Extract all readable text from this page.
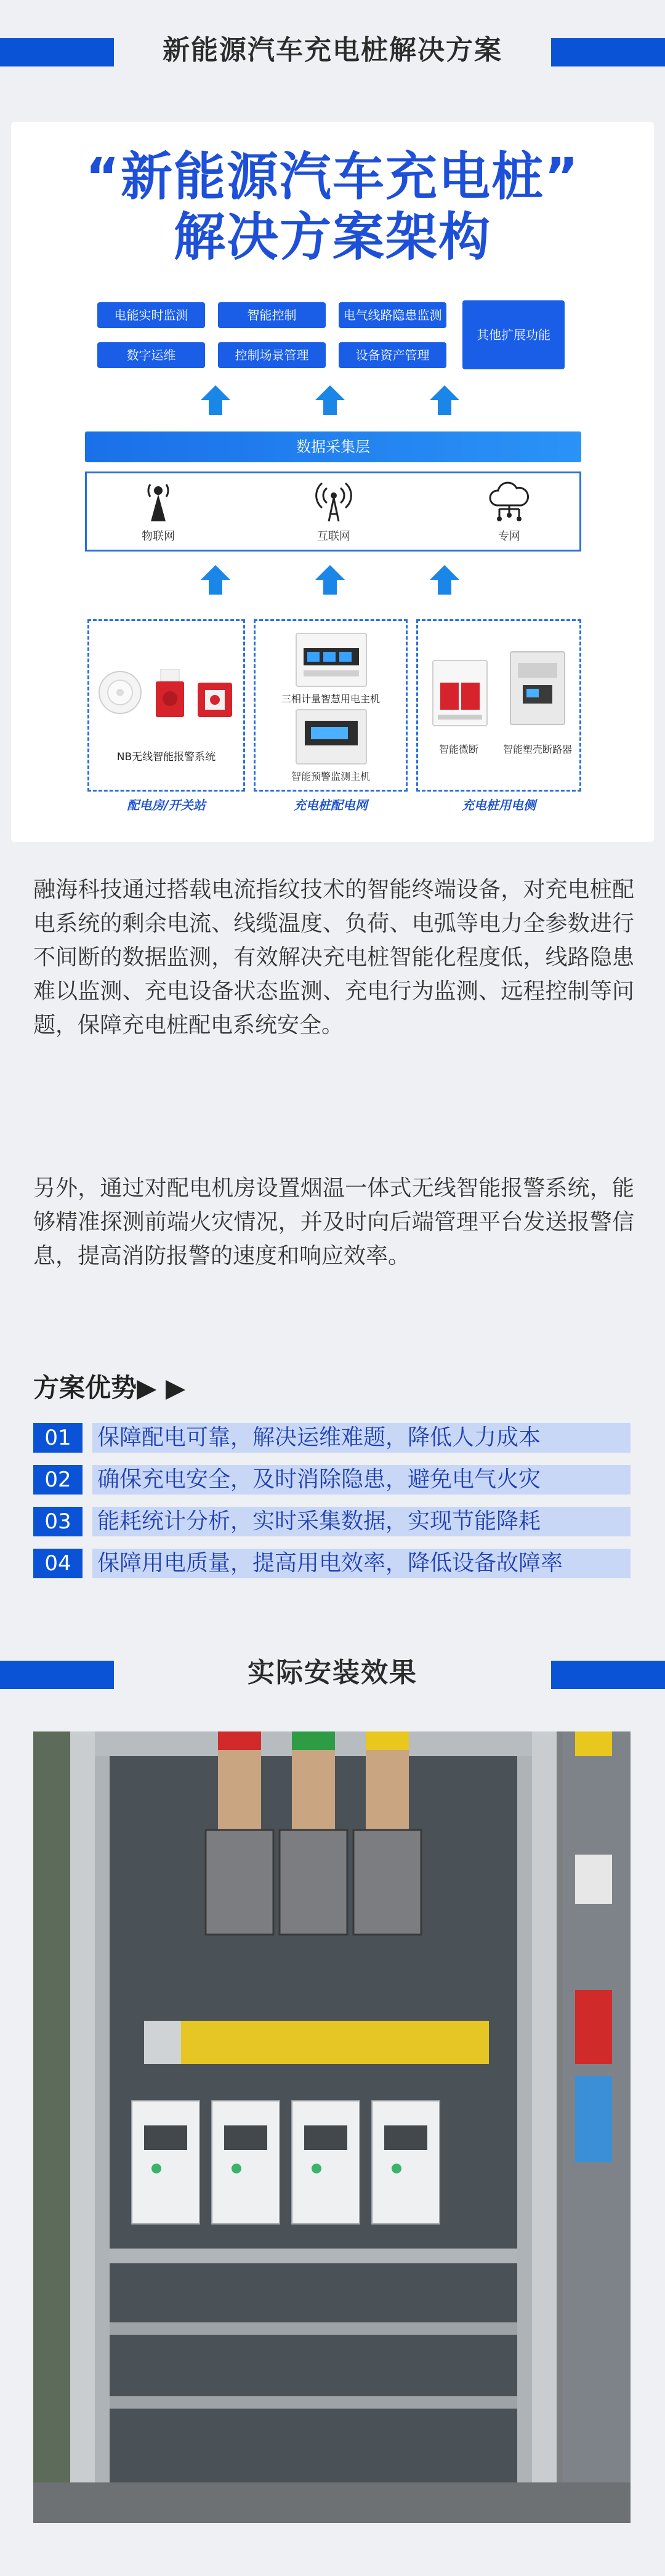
新能源汽车充电桩解决方案
“新能源汽车充电桩”
解决方案架构
电能实时监测	智能控制	电气线路隐患监测
数字运维	控制场景管理	设备资产管理
其他扩展功能
数据采集层
物联网	互联网	专网
NB无线智能报警系统
三相计量智慧用电主机
智能预警监测主机
智能微断	智能塑壳断路器
配电房/开关站	充电桩配电网	充电桩用电侧

融海科技通过搭载电流指纹技术的智能终端设备，对充电桩配电系统的剩余电流、线缆温度、负荷、电弧等电力全参数进行不间断的数据监测，有效解决充电桩智能化程度低，线路隐患难以监测、充电设备状态监测、充电行为监测、远程控制等问题，保障充电桩配电系统安全。

另外，通过对配电机房设置烟温一体式无线智能报警系统，能够精准探测前端火灾情况，并及时向后端管理平台发送报警信息，提高消防报警的速度和响应效率。

方案优势▶ ▶
01	保障配电可靠，解决运维难题，降低人力成本
02	确保充电安全，及时消除隐患，避免电气火灾
03	能耗统计分析，实时采集数据，实现节能降耗
04	保障用电质量，提高用电效率，降低设备故障率
实际安装效果
